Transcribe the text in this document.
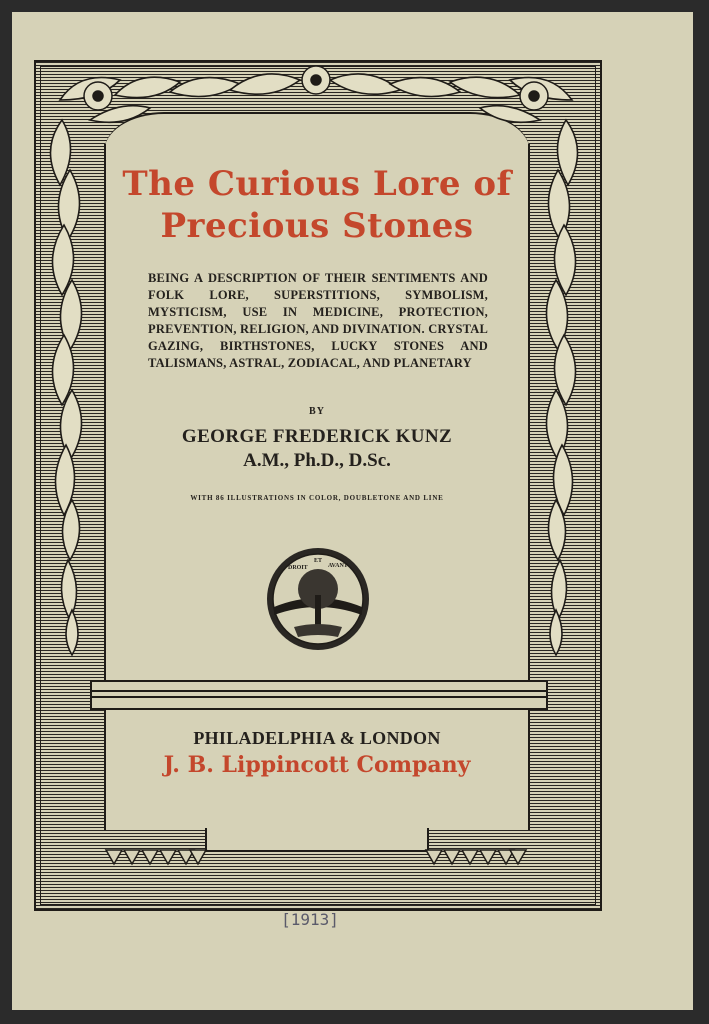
The Curious Lore of
Precious Stones
BEING A DESCRIPTION OF THEIR SENTIMENTS AND FOLK LORE, SUPERSTITIONS, SYMBOLISM, MYSTICISM, USE IN MEDICINE, PROTECTION, PREVENTION, RELIGION, AND DIVINATION. CRYSTAL GAZING, BIRTHSTONES, LUCKY STONES AND TALISMANS, ASTRAL, ZODIACAL, AND PLANETARY
BY
GEORGE FREDERICK KUNZ
A.M., Ph.D., D.Sc.
WITH 86 ILLUSTRATIONS IN COLOR, DOUBLETONE AND LINE
DROIT
ET
AVANT
PHILADELPHIA & LONDON
J. B. Lippincott Company
[1913]
